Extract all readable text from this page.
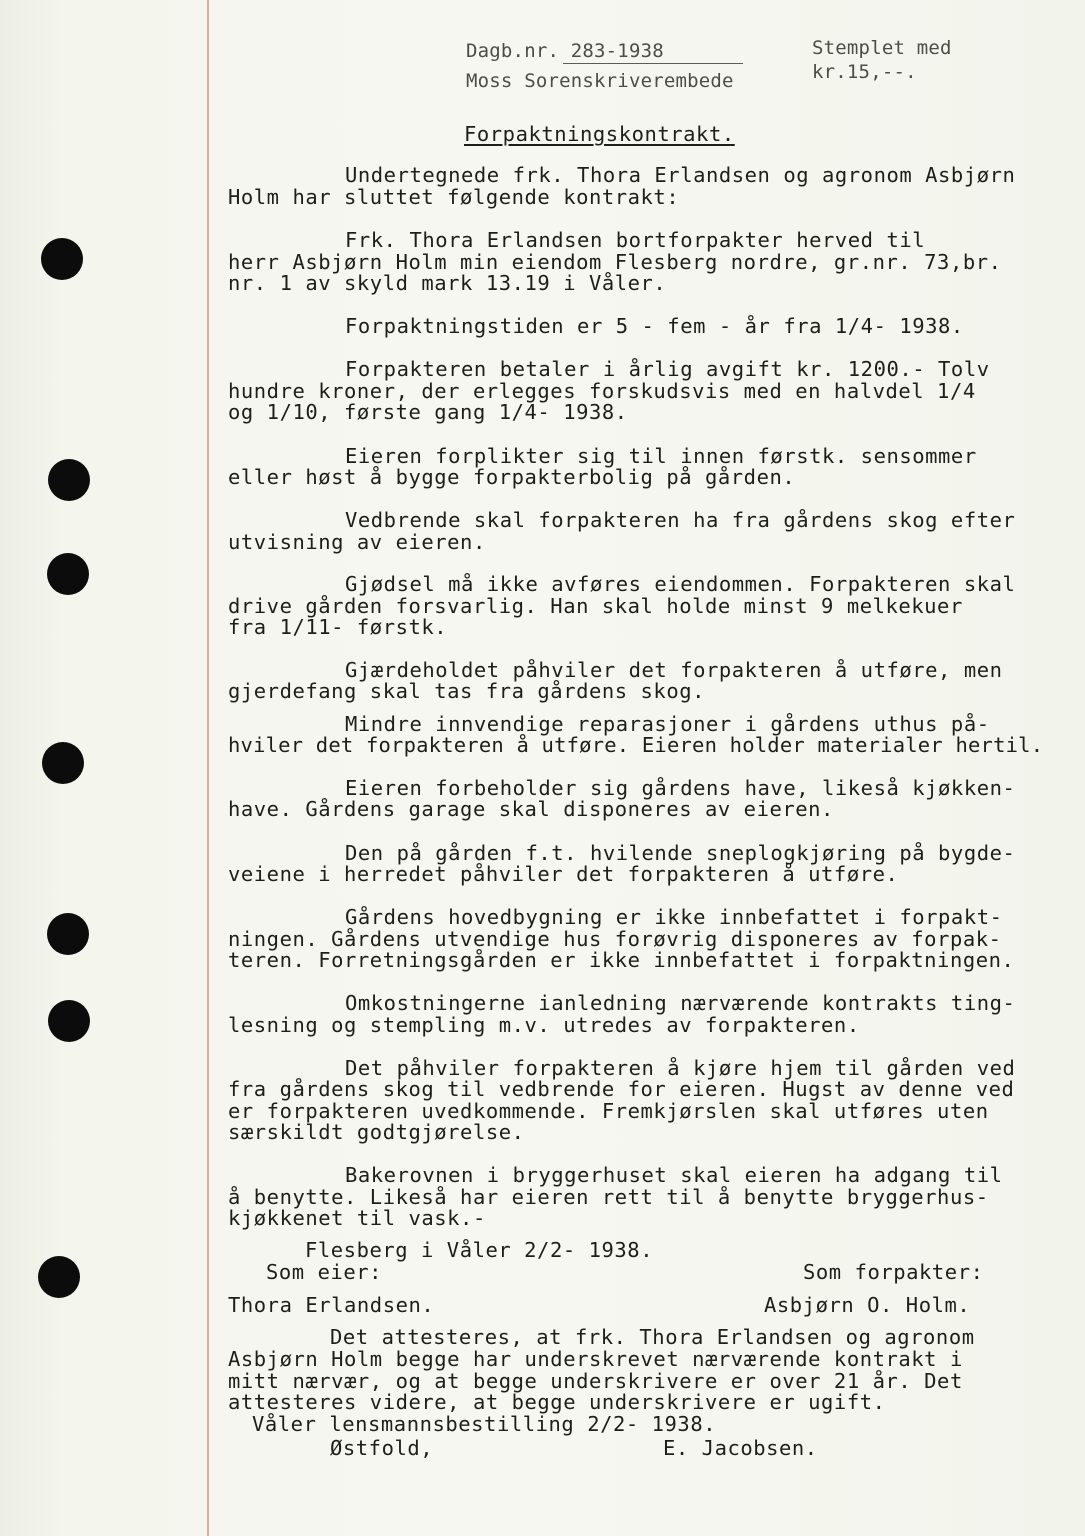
Dagb.nr. 283-1938
Moss Sorenskriverembede
Stemplet med
kr.15,--.
Forpaktningskontrakt.
Undertegnede frk. Thora Erlandsen og agronom Asbjørn
Holm har sluttet følgende kontrakt:
Frk. Thora Erlandsen bortforpakter herved til
herr Asbjørn Holm min eiendom Flesberg nordre, gr.nr. 73,br.
nr. 1 av skyld mark 13.19 i Våler.
Forpaktningstiden er 5 - fem - år fra 1/4- 1938.
Forpakteren betaler i årlig avgift kr. 1200.- Tolv
hundre kroner, der erlegges forskudsvis med en halvdel 1/4
og 1/10, første gang 1/4- 1938.
Eieren forplikter sig til innen førstk. sensommer
eller høst å bygge forpakterbolig på gården.
Vedbrende skal forpakteren ha fra gårdens skog efter
utvisning av eieren.
Gjødsel må ikke avføres eiendommen. Forpakteren skal
drive gården forsvarlig. Han skal holde minst 9 melkekuer
fra 1/11- førstk.
Gjærdeholdet påhviler det forpakteren å utføre, men
gjerdefang skal tas fra gårdens skog.
Mindre innvendige reparasjoner i gårdens uthus på-
hviler det forpakteren å utføre. Eieren holder materialer hertil.
Eieren forbeholder sig gårdens have, likeså kjøkken-
have. Gårdens garage skal disponeres av eieren.
Den på gården f.t. hvilende sneplogkjøring på bygde-
veiene i herredet påhviler det forpakteren å utføre.
Gårdens hovedbygning er ikke innbefattet i forpakt-
ningen. Gårdens utvendige hus forøvrig disponeres av forpak-
teren. Forretningsgården er ikke innbefattet i forpaktningen.
Omkostningerne ianledning nærværende kontrakts ting-
lesning og stempling m.v. utredes av forpakteren.
Det påhviler forpakteren å kjøre hjem til gården ved
fra gårdens skog til vedbrende for eieren. Hugst av denne ved
er forpakteren uvedkommende. Fremkjørslen skal utføres uten
særskildt godtgjørelse.
Bakerovnen i bryggerhuset skal eieren ha adgang til
å benytte. Likeså har eieren rett til å benytte bryggerhus-
kjøkkenet til vask.-
Flesberg i Våler 2/2- 1938.
Som eier:	Som forpakter:
Thora Erlandsen.	Asbjørn O. Holm.
Det attesteres, at frk. Thora Erlandsen og agronom
Asbjørn Holm begge har underskrevet nærværende kontrakt i
mitt nærvær, og at begge underskrivere er over 21 år. Det
attesteres videre, at begge underskrivere er ugift.
Våler lensmannsbestilling 2/2- 1938.
Østfold,	E. Jacobsen.
